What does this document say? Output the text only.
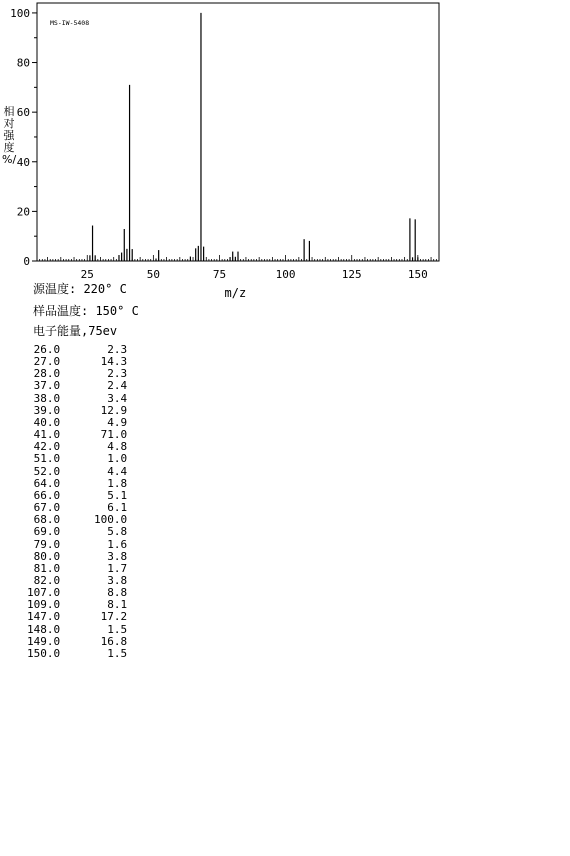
MS-IW-5408
0
20
40
60
80
100
25	50	75	100	125	150
m/z
相
对
强
度
%/
源温度: 220° C
样品温度: 150° C
电子能量,75ev
26.0	2.3
27.0	14.3
28.0	2.3
37.0	2.4
38.0	3.4
39.0	12.9
40.0	4.9
41.0	71.0
42.0	4.8
51.0	1.0
52.0	4.4
64.0	1.8
66.0	5.1
67.0	6.1
68.0	100.0
69.0	5.8
79.0	1.6
80.0	3.8
81.0	1.7
82.0	3.8
107.0	8.8
109.0	8.1
147.0	17.2
148.0	1.5
149.0	16.8
150.0	1.5
